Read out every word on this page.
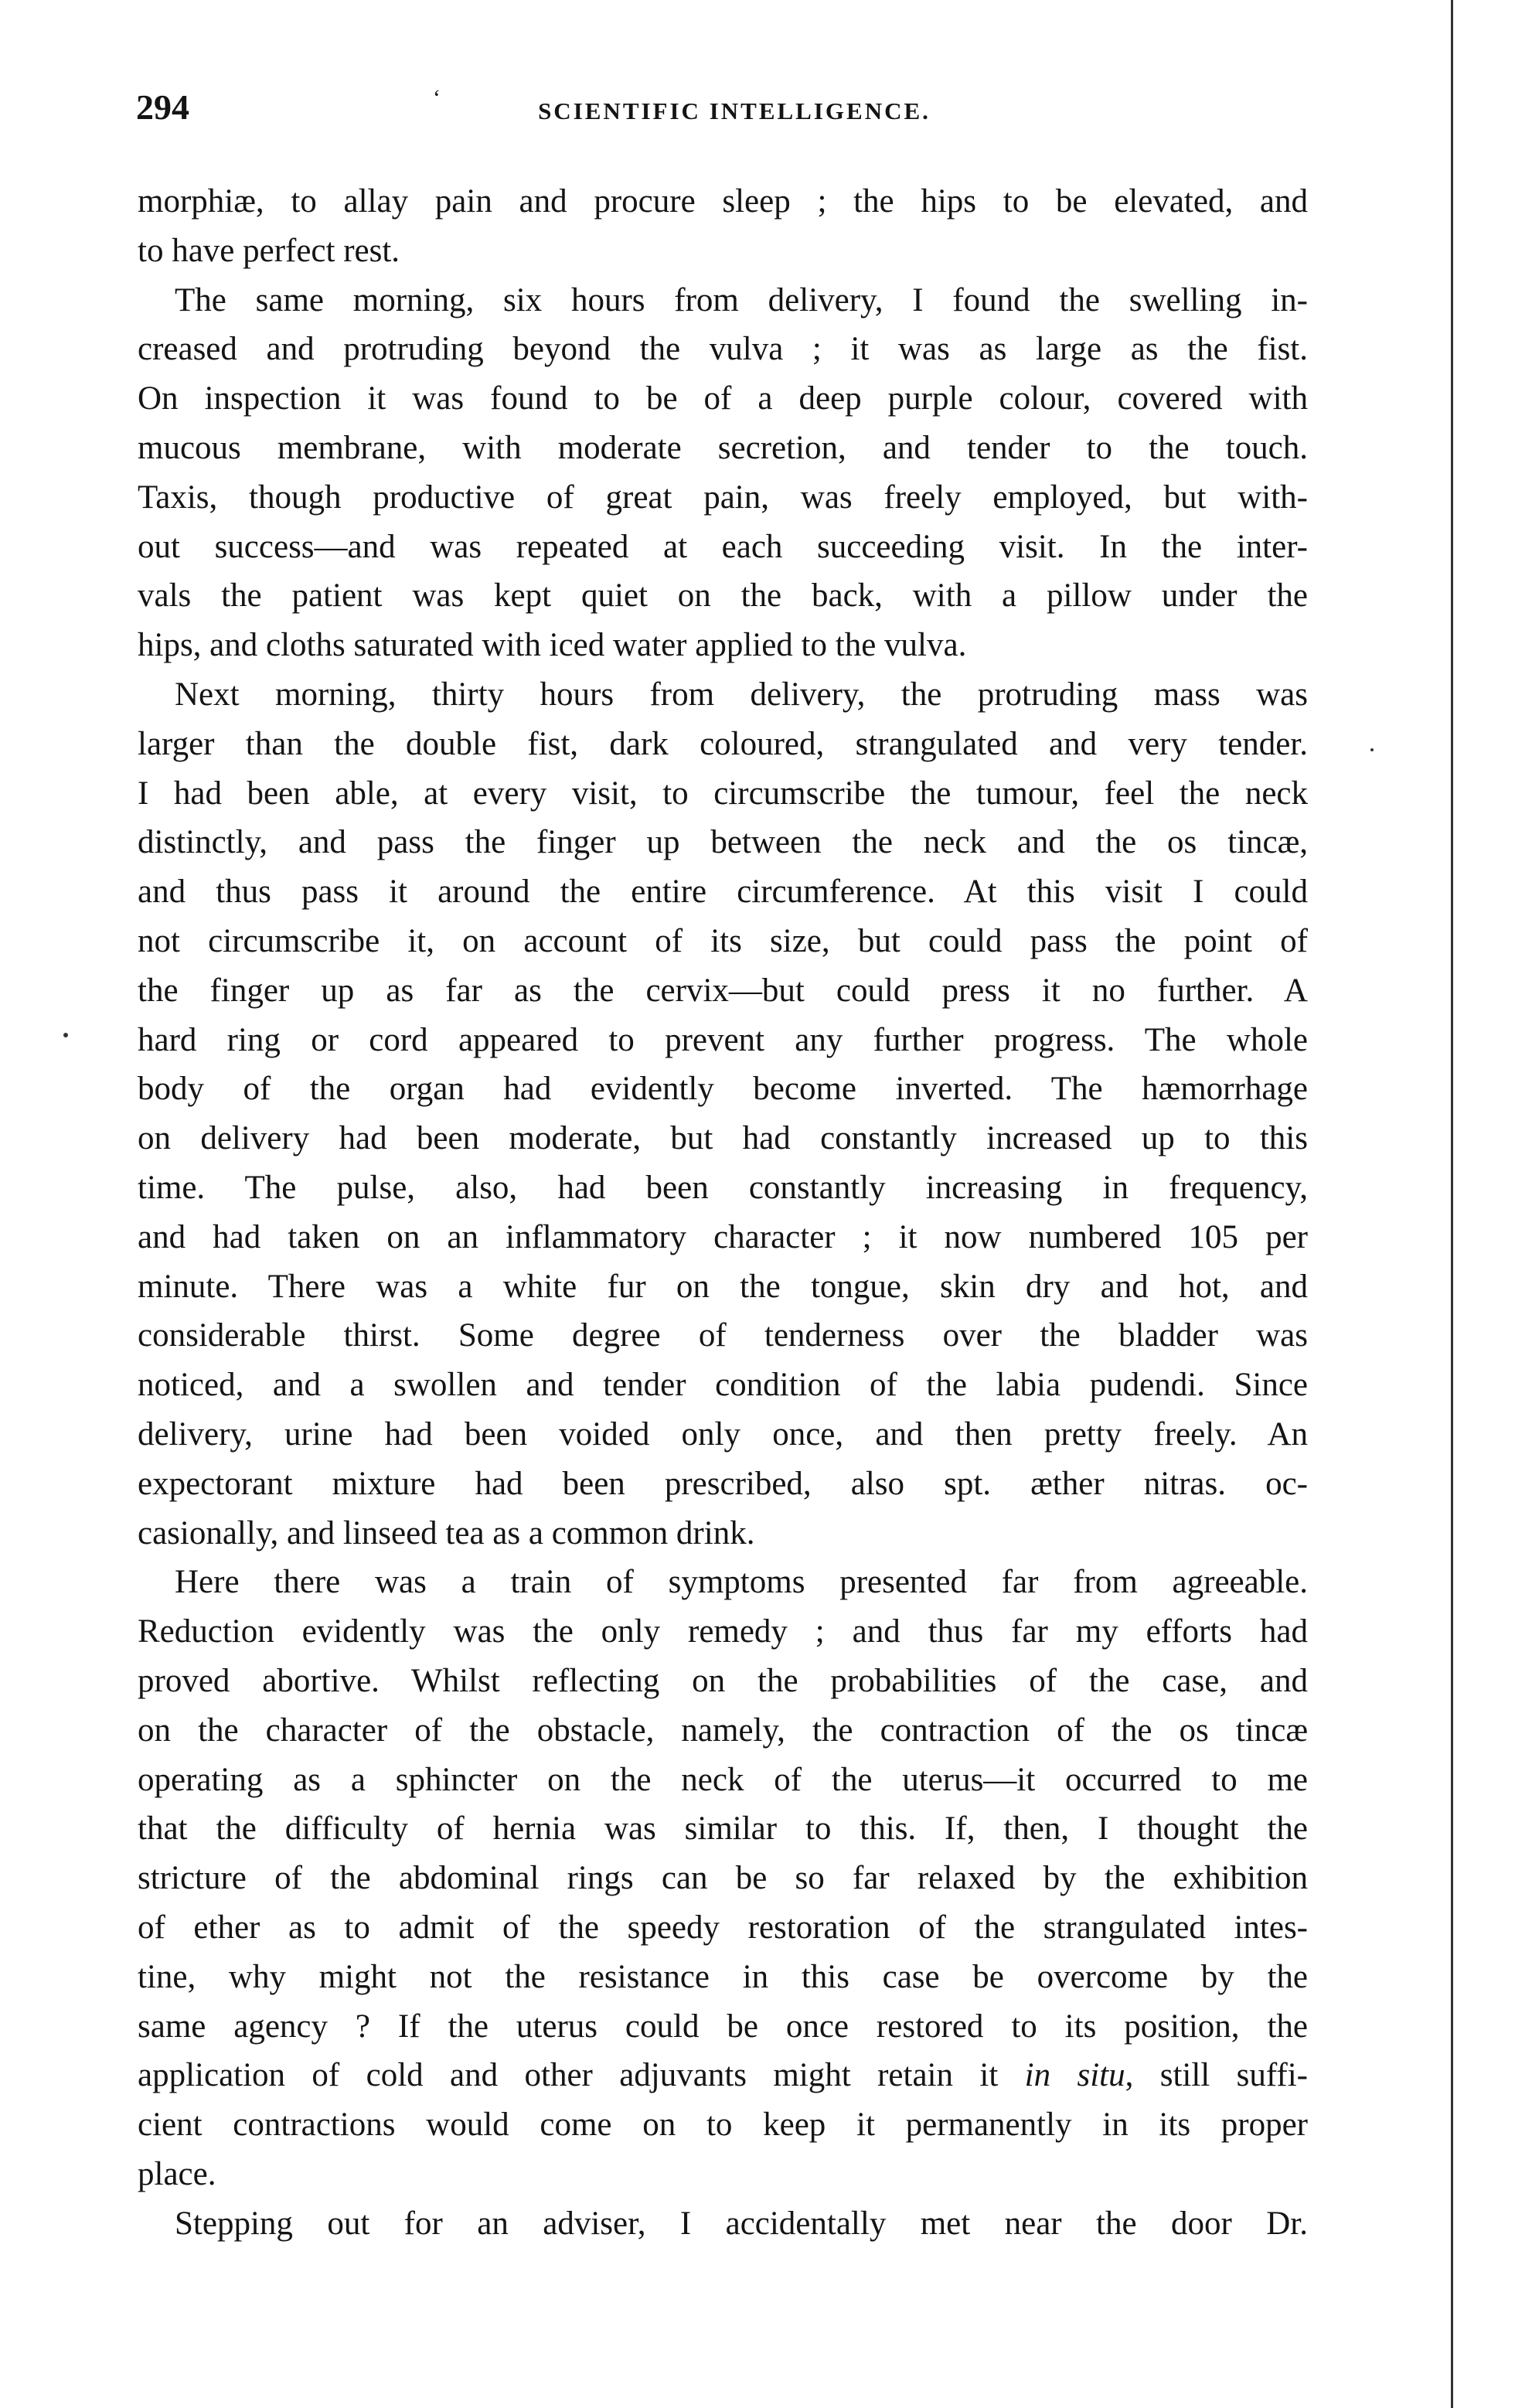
294	ʻ	SCIENTIFIC INTELLIGENCE.
morphiæ, to allay pain and procure sleep ; the hips to be elevated, and
to have perfect rest.
The same morning, six hours from delivery, I found the swelling in-
creased and protruding beyond the vulva ; it was as large as the fist.
On inspection it was found to be of a deep purple colour, covered with
mucous membrane, with moderate secretion, and tender to the touch.
Taxis, though productive of great pain, was freely employed, but with-
out success—and was repeated at each succeeding visit. In the inter-
vals the patient was kept quiet on the back, with a pillow under the
hips, and cloths saturated with iced water applied to the vulva.
Next morning, thirty hours from delivery, the protruding mass was
larger than the double fist, dark coloured, strangulated and very tender.
I had been able, at every visit, to circumscribe the tumour, feel the neck
distinctly, and pass the finger up between the neck and the os tincæ,
and thus pass it around the entire circumference. At this visit I could
not circumscribe it, on account of its size, but could pass the point of
the finger up as far as the cervix—but could press it no further. A
hard ring or cord appeared to prevent any further progress. The whole
body of the organ had evidently become inverted. The hæmorrhage
on delivery had been moderate, but had constantly increased up to this
time. The pulse, also, had been constantly increasing in frequency,
and had taken on an inflammatory character ; it now numbered 105 per
minute. There was a white fur on the tongue, skin dry and hot, and
considerable thirst. Some degree of tenderness over the bladder was
noticed, and a swollen and tender condition of the labia pudendi. Since
delivery, urine had been voided only once, and then pretty freely. An
expectorant mixture had been prescribed, also spt. æther nitras. oc-
casionally, and linseed tea as a common drink.
Here there was a train of symptoms presented far from agreeable.
Reduction evidently was the only remedy ; and thus far my efforts had
proved abortive. Whilst reflecting on the probabilities of the case, and
on the character of the obstacle, namely, the contraction of the os tincæ
operating as a sphincter on the neck of the uterus—it occurred to me
that the difficulty of hernia was similar to this. If, then, I thought the
stricture of the abdominal rings can be so far relaxed by the exhibition
of ether as to admit of the speedy restoration of the strangulated intes-
tine, why might not the resistance in this case be overcome by the
same agency ? If the uterus could be once restored to its position, the
application of cold and other adjuvants might retain it in situ, still suffi-
cient contractions would come on to keep it permanently in its proper
place.
Stepping out for an adviser, I accidentally met near the door Dr.
